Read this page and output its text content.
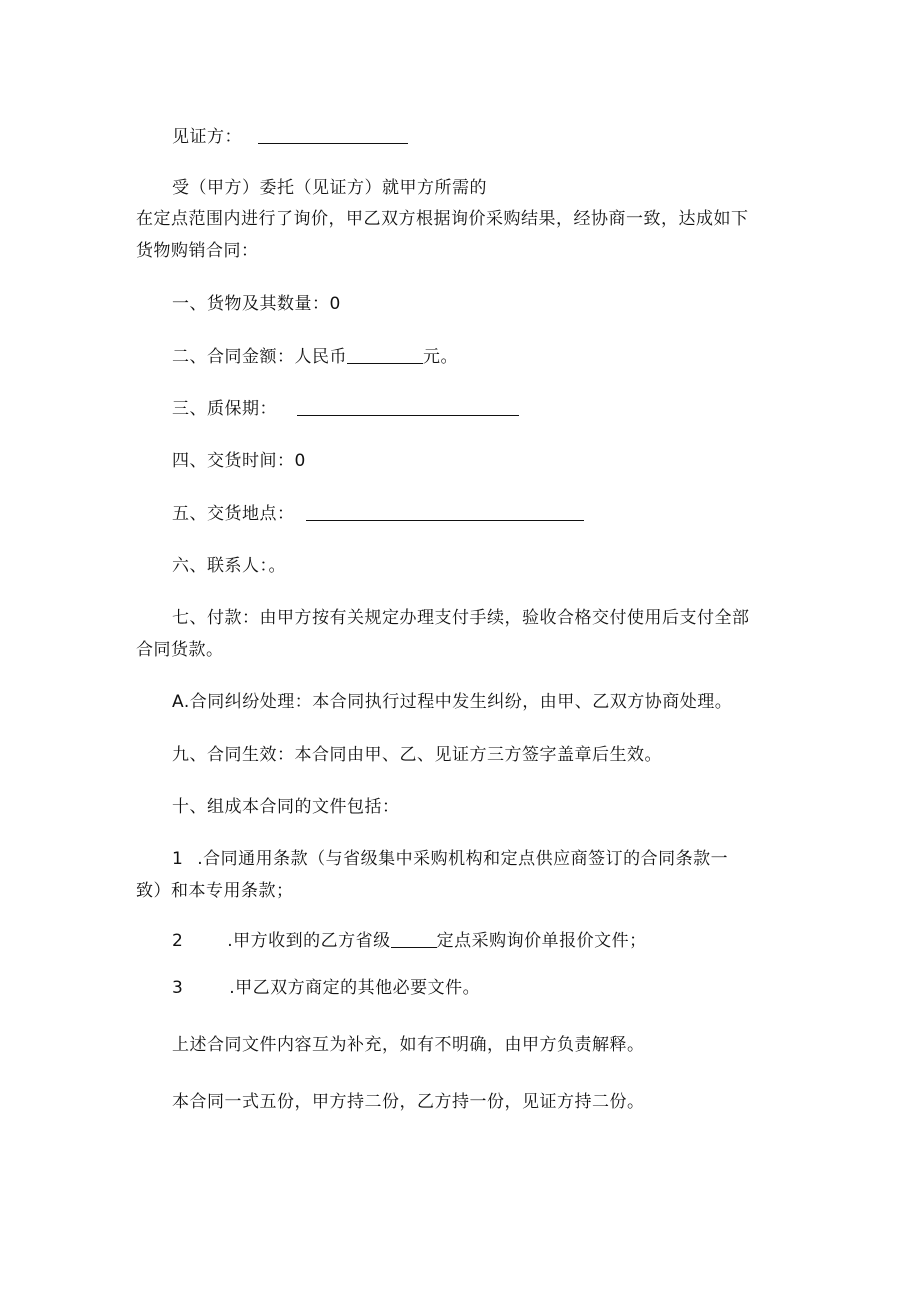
见证方：
受（甲方）委托（见证方）就甲方所需的
在定点范围内进行了询价，甲乙双方根据询价采购结果，经协商一致，达成如下
货物购销合同：
一、货物及其数量：0
二、合同金额：人民币	元。
三、质保期：
四、交货时间：0
五、交货地点：
六、联系人：。
七、付款：由甲方按有关规定办理支付手续，验收合格交付使用后支付全部
合同货款。
A.合同纠纷处理：本合同执行过程中发生纠纷，由甲、乙双方协商处理。
九、合同生效：本合同由甲、乙、见证方三方签字盖章后生效。
十、组成本合同的文件包括：
1 .合同通用条款（与省级集中采购机构和定点供应商签订的合同条款一
致）和本专用条款；
2	.甲方收到的乙方省级	定点采购询价单报价文件；
3	.甲乙双方商定的其他必要文件。
上述合同文件内容互为补充，如有不明确，由甲方负责解释。
本合同一式五份，甲方持二份，乙方持一份，见证方持二份。
